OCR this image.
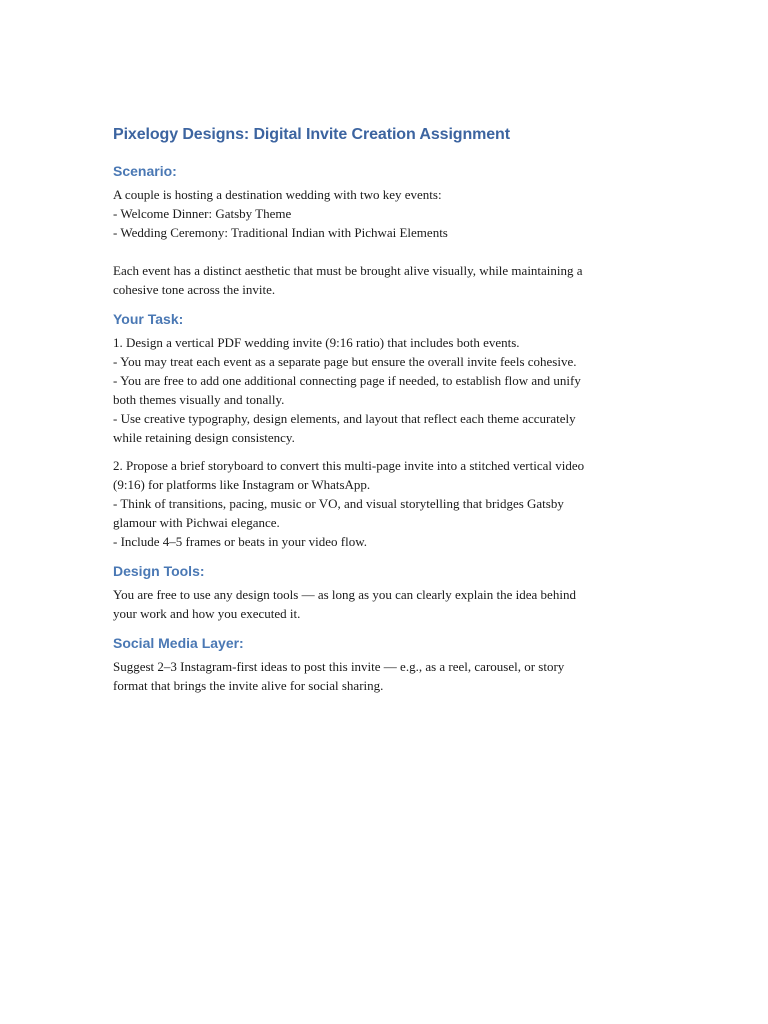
Pixelogy Designs: Digital Invite Creation Assignment
Scenario:

A couple is hosting a destination wedding with two key events:
- Welcome Dinner: Gatsby Theme
- Wedding Ceremony: Traditional Indian with Pichwai Elements

Each event has a distinct aesthetic that must be brought alive visually, while maintaining a
cohesive tone across the invite.

Your Task:

1. Design a vertical PDF wedding invite (9:16 ratio) that includes both events.
- You may treat each event as a separate page but ensure the overall invite feels cohesive.
- You are free to add one additional connecting page if needed, to establish flow and unify
both themes visually and tonally.
- Use creative typography, design elements, and layout that reflect each theme accurately
while retaining design consistency.

2. Propose a brief storyboard to convert this multi-page invite into a stitched vertical video
(9:16) for platforms like Instagram or WhatsApp.
- Think of transitions, pacing, music or VO, and visual storytelling that bridges Gatsby
glamour with Pichwai elegance.
- Include 4–5 frames or beats in your video flow.

Design Tools:

You are free to use any design tools — as long as you can clearly explain the idea behind
your work and how you executed it.

Social Media Layer:

Suggest 2–3 Instagram-first ideas to post this invite — e.g., as a reel, carousel, or story
format that brings the invite alive for social sharing.
